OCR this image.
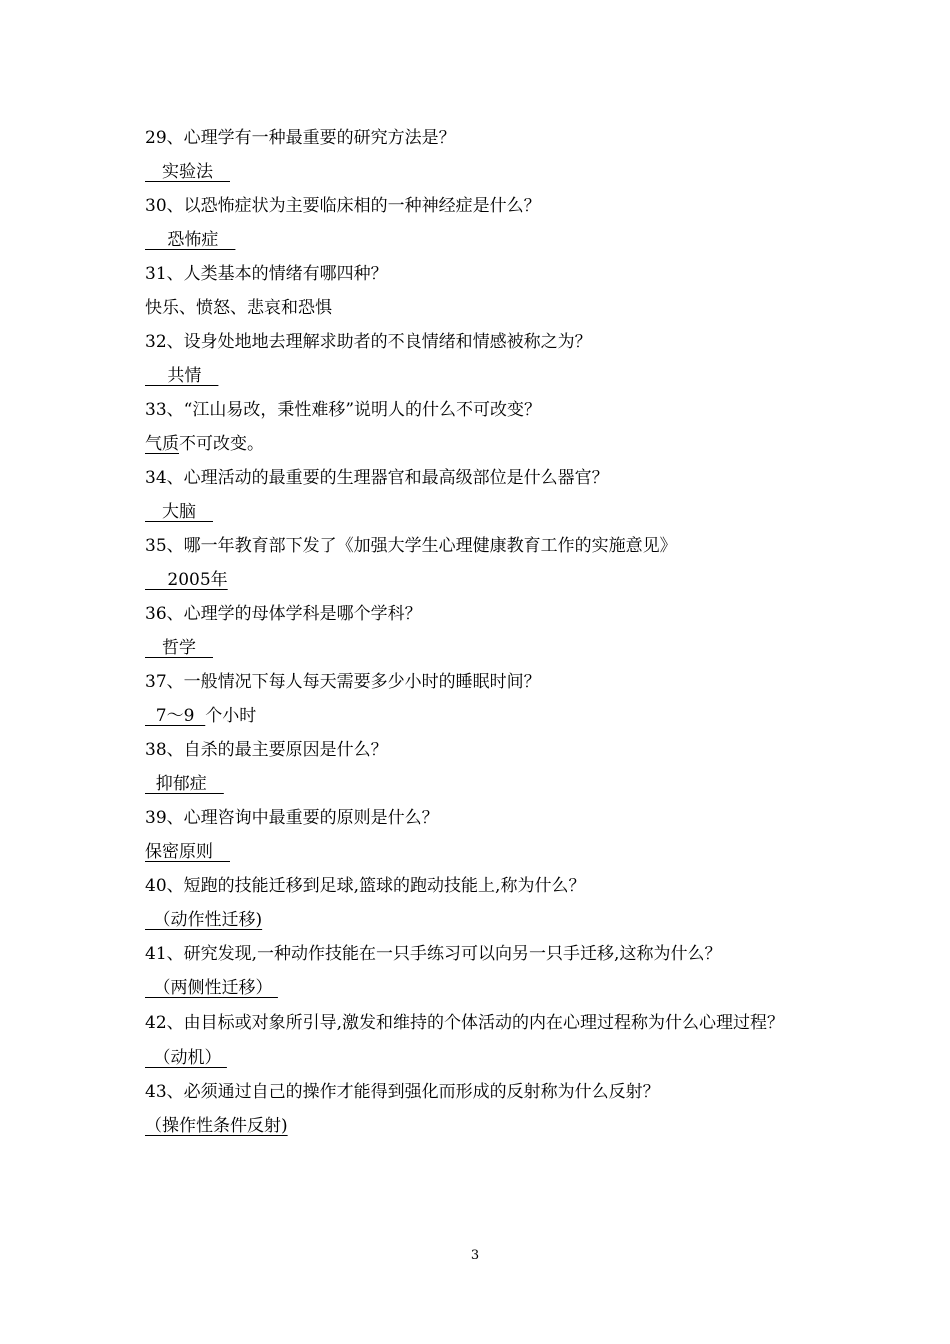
29、心理学有一种最重要的研究方法是？
　实验法　
30、以恐怖症状为主要临床相的一种神经症是什么？
　 恐怖症　
31、人类基本的情绪有哪四种？
快乐、愤怒、悲哀和恐惧
32、设身处地地去理解求助者的不良情绪和情感被称之为？
　 共情　
33、“江山易改，秉性难移”说明人的什么不可改变？
气质不可改变。
34、心理活动的最重要的生理器官和最高级部位是什么器官？
　大脑　
35、哪一年教育部下发了《加强大学生心理健康教育工作的实施意见》
　 2005年
36、心理学的母体学科是哪个学科？
　哲学　
37、一般情况下每人每天需要多少小时的睡眠时间？
7～9  个小时
38、自杀的最主要原因是什么？
抑郁症　
39、心理咨询中最重要的原则是什么？
保密原则　
40、短跑的技能迁移到足球,篮球的跑动技能上,称为什么？
　（动作性迁移)
41、研究发现,一种动作技能在一只手练习可以向另一只手迁移,这称为什么？
　（两侧性迁移）
42、由目标或对象所引导,激发和维持的个体活动的内在心理过程称为什么心理过程？
　（动机）
43、必须通过自己的操作才能得到强化而形成的反射称为什么反射？
（操作性条件反射)
3
